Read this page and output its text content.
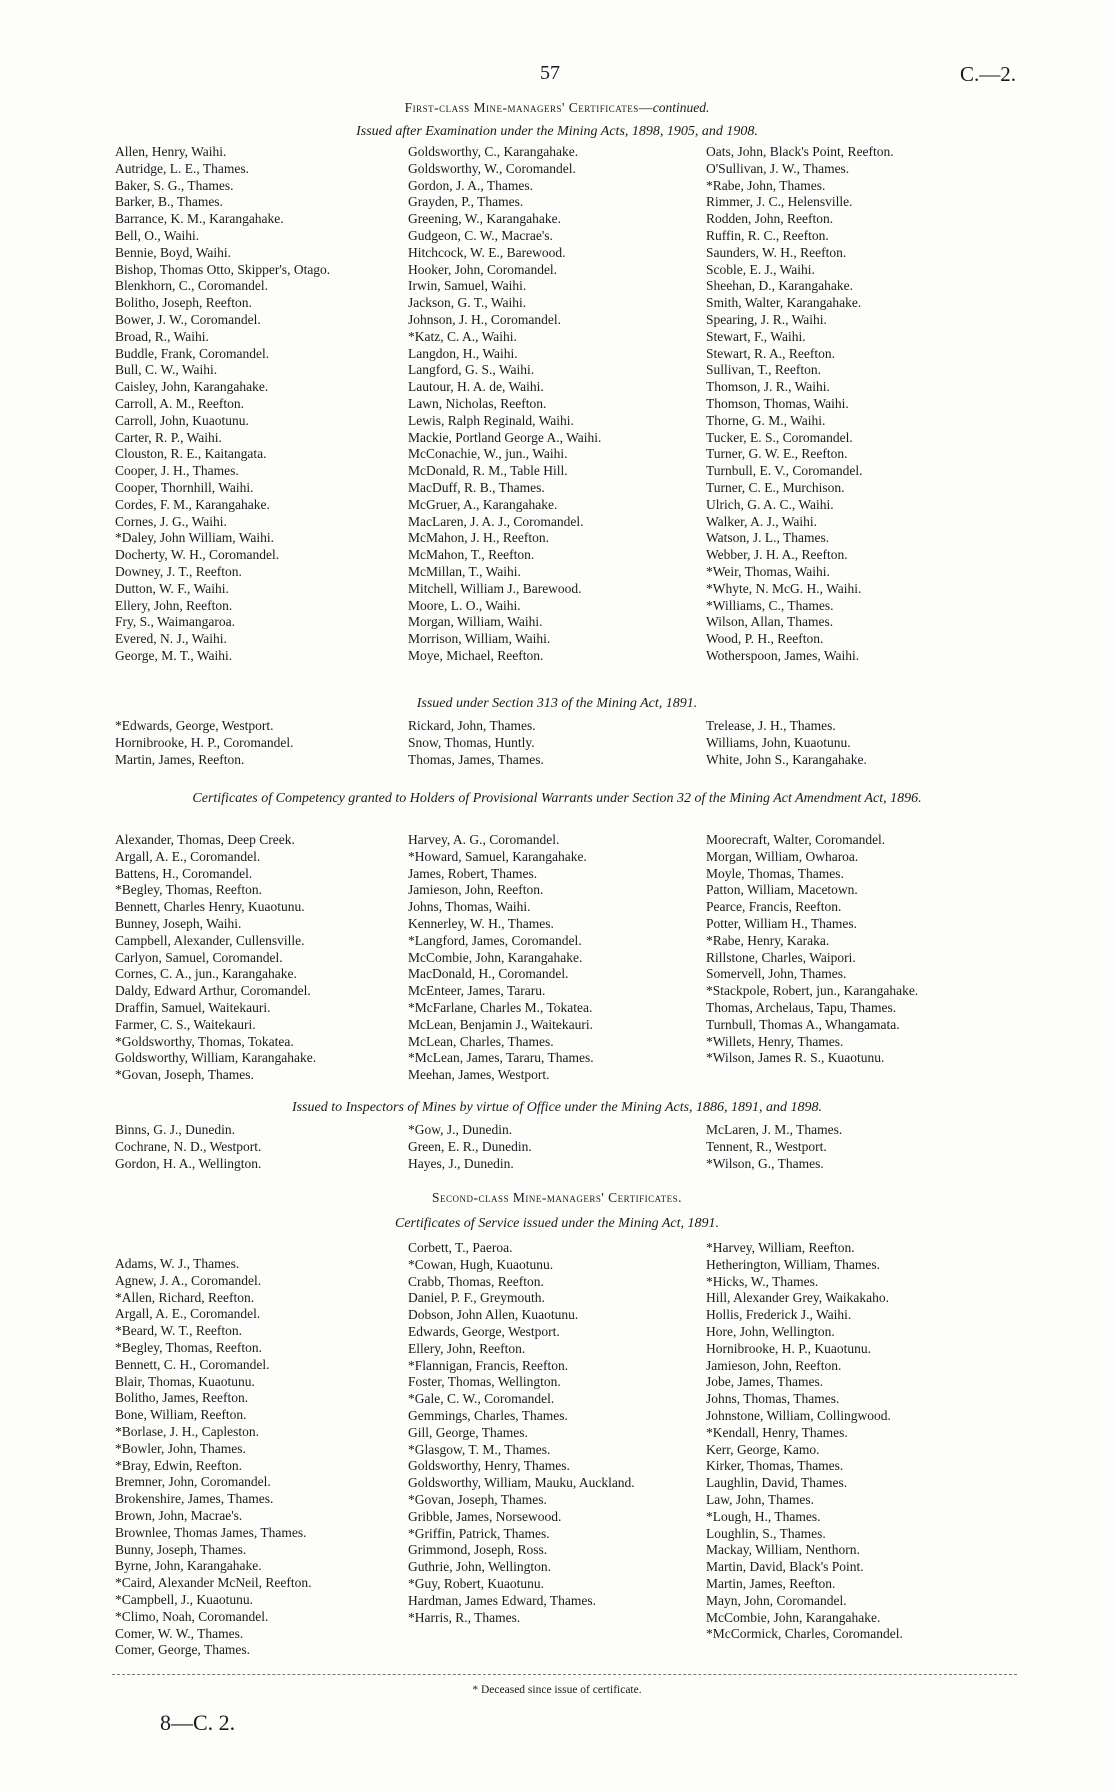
57	C.—2.
First-class Mine-managers' Certificates—continued.
Issued after Examination under the Mining Acts, 1898, 1905, and 1908.
Allen, Henry, Waihi.
Autridge, L. E., Thames.
Baker, S. G., Thames.
Barker, B., Thames.
Barrance, K. M., Karangahake.
Bell, O., Waihi.
Bennie, Boyd, Waihi.
Bishop, Thomas Otto, Skipper's, Otago.
Blenkhorn, C., Coromandel.
Bolitho, Joseph, Reefton.
Bower, J. W., Coromandel.
Broad, R., Waihi.
Buddle, Frank, Coromandel.
Bull, C. W., Waihi.
Caisley, John, Karangahake.
Carroll, A. M., Reefton.
Carroll, John, Kuaotunu.
Carter, R. P., Waihi.
Clouston, R. E., Kaitangata.
Cooper, J. H., Thames.
Cooper, Thornhill, Waihi.
Cordes, F. M., Karangahake.
Cornes, J. G., Waihi.
*Daley, John William, Waihi.
Docherty, W. H., Coromandel.
Downey, J. T., Reefton.
Dutton, W. F., Waihi.
Ellery, John, Reefton.
Fry, S., Waimangaroa.
Evered, N. J., Waihi.
George, M. T., Waihi.
Goldsworthy, C., Karangahake.
Goldsworthy, W., Coromandel.
Gordon, J. A., Thames.
Grayden, P., Thames.
Greening, W., Karangahake.
Gudgeon, C. W., Macrae's.
Hitchcock, W. E., Barewood.
Hooker, John, Coromandel.
Irwin, Samuel, Waihi.
Jackson, G. T., Waihi.
Johnson, J. H., Coromandel.
*Katz, C. A., Waihi.
Langdon, H., Waihi.
Langford, G. S., Waihi.
Lautour, H. A. de, Waihi.
Lawn, Nicholas, Reefton.
Lewis, Ralph Reginald, Waihi.
Mackie, Portland George A., Waihi.
McConachie, W., jun., Waihi.
McDonald, R. M., Table Hill.
MacDuff, R. B., Thames.
McGruer, A., Karangahake.
MacLaren, J. A. J., Coromandel.
McMahon, J. H., Reefton.
McMahon, T., Reefton.
McMillan, T., Waihi.
Mitchell, William J., Barewood.
Moore, L. O., Waihi.
Morgan, William, Waihi.
Morrison, William, Waihi.
Moye, Michael, Reefton.
Oats, John, Black's Point, Reefton.
O'Sullivan, J. W., Thames.
*Rabe, John, Thames.
Rimmer, J. C., Helensville.
Rodden, John, Reefton.
Ruffin, R. C., Reefton.
Saunders, W. H., Reefton.
Scoble, E. J., Waihi.
Sheehan, D., Karangahake.
Smith, Walter, Karangahake.
Spearing, J. R., Waihi.
Stewart, F., Waihi.
Stewart, R. A., Reefton.
Sullivan, T., Reefton.
Thomson, J. R., Waihi.
Thomson, Thomas, Waihi.
Thorne, G. M., Waihi.
Tucker, E. S., Coromandel.
Turner, G. W. E., Reefton.
Turnbull, E. V., Coromandel.
Turner, C. E., Murchison.
Ulrich, G. A. C., Waihi.
Walker, A. J., Waihi.
Watson, J. L., Thames.
Webber, J. H. A., Reefton.
*Weir, Thomas, Waihi.
*Whyte, N. McG. H., Waihi.
*Williams, C., Thames.
Wilson, Allan, Thames.
Wood, P. H., Reefton.
Wotherspoon, James, Waihi.
Issued under Section 313 of the Mining Act, 1891.
*Edwards, George, Westport.
Hornibrooke, H. P., Coromandel.
Martin, James, Reefton.
Rickard, John, Thames.
Snow, Thomas, Huntly.
Thomas, James, Thames.
Trelease, J. H., Thames.
Williams, John, Kuaotunu.
White, John S., Karangahake.
Certificates of Competency granted to Holders of Provisional Warrants under Section 32 of the Mining Act Amendment Act, 1896.
Alexander, Thomas, Deep Creek.
Argall, A. E., Coromandel.
Battens, H., Coromandel.
*Begley, Thomas, Reefton.
Bennett, Charles Henry, Kuaotunu.
Bunney, Joseph, Waihi.
Campbell, Alexander, Cullensville.
Carlyon, Samuel, Coromandel.
Cornes, C. A., jun., Karangahake.
Daldy, Edward Arthur, Coromandel.
Draffin, Samuel, Waitekauri.
Farmer, C. S., Waitekauri.
*Goldsworthy, Thomas, Tokatea.
Goldsworthy, William, Karangahake.
*Govan, Joseph, Thames.
Harvey, A. G., Coromandel.
*Howard, Samuel, Karangahake.
James, Robert, Thames.
Jamieson, John, Reefton.
Johns, Thomas, Waihi.
Kennerley, W. H., Thames.
*Langford, James, Coromandel.
McCombie, John, Karangahake.
MacDonald, H., Coromandel.
McEnteer, James, Tararu.
*McFarlane, Charles M., Tokatea.
McLean, Benjamin J., Waitekauri.
McLean, Charles, Thames.
*McLean, James, Tararu, Thames.
Meehan, James, Westport.
Moorecraft, Walter, Coromandel.
Morgan, William, Owharoa.
Moyle, Thomas, Thames.
Patton, William, Macetown.
Pearce, Francis, Reefton.
Potter, William H., Thames.
*Rabe, Henry, Karaka.
Rillstone, Charles, Waipori.
Somervell, John, Thames.
*Stackpole, Robert, jun., Karangahake.
Thomas, Archelaus, Tapu, Thames.
Turnbull, Thomas A., Whangamata.
*Willets, Henry, Thames.
*Wilson, James R. S., Kuaotunu.
Issued to Inspectors of Mines by virtue of Office under the Mining Acts, 1886, 1891, and 1898.
Binns, G. J., Dunedin.
Cochrane, N. D., Westport.
Gordon, H. A., Wellington.
*Gow, J., Dunedin.
Green, E. R., Dunedin.
Hayes, J., Dunedin.
McLaren, J. M., Thames.
Tennent, R., Westport.
*Wilson, G., Thames.
Second-class Mine-managers' Certificates.
Certificates of Service issued under the Mining Act, 1891.
Adams, W. J., Thames.
Agnew, J. A., Coromandel.
*Allen, Richard, Reefton.
Argall, A. E., Coromandel.
*Beard, W. T., Reefton.
*Begley, Thomas, Reefton.
Bennett, C. H., Coromandel.
Blair, Thomas, Kuaotunu.
Bolitho, James, Reefton.
Bone, William, Reefton.
*Borlase, J. H., Capleston.
*Bowler, John, Thames.
*Bray, Edwin, Reefton.
Bremner, John, Coromandel.
Brokenshire, James, Thames.
Brown, John, Macrae's.
Brownlee, Thomas James, Thames.
Bunny, Joseph, Thames.
Byrne, John, Karangahake.
*Caird, Alexander McNeil, Reefton.
*Campbell, J., Kuaotunu.
*Climo, Noah, Coromandel.
Comer, W. W., Thames.
Comer, George, Thames.
Corbett, T., Paeroa.
*Cowan, Hugh, Kuaotunu.
Crabb, Thomas, Reefton.
Daniel, P. F., Greymouth.
Dobson, John Allen, Kuaotunu.
Edwards, George, Westport.
Ellery, John, Reefton.
*Flannigan, Francis, Reefton.
Foster, Thomas, Wellington.
*Gale, C. W., Coromandel.
Gemmings, Charles, Thames.
Gill, George, Thames.
*Glasgow, T. M., Thames.
Goldsworthy, Henry, Thames.
Goldsworthy, William, Mauku, Auckland.
*Govan, Joseph, Thames.
Gribble, James, Norsewood.
*Griffin, Patrick, Thames.
Grimmond, Joseph, Ross.
Guthrie, John, Wellington.
*Guy, Robert, Kuaotunu.
Hardman, James Edward, Thames.
*Harris, R., Thames.
*Harvey, William, Reefton.
Hetherington, William, Thames.
*Hicks, W., Thames.
Hill, Alexander Grey, Waikakaho.
Hollis, Frederick J., Waihi.
Hore, John, Wellington.
Hornibrooke, H. P., Kuaotunu.
Jamieson, John, Reefton.
Jobe, James, Thames.
Johns, Thomas, Thames.
Johnstone, William, Collingwood.
*Kendall, Henry, Thames.
Kerr, George, Kamo.
Kirker, Thomas, Thames.
Laughlin, David, Thames.
Law, John, Thames.
*Lough, H., Thames.
Loughlin, S., Thames.
Mackay, William, Nenthorn.
Martin, David, Black's Point.
Martin, James, Reefton.
Mayn, John, Coromandel.
McCombie, John, Karangahake.
*McCormick, Charles, Coromandel.
* Deceased since issue of certificate.
8—C. 2.
